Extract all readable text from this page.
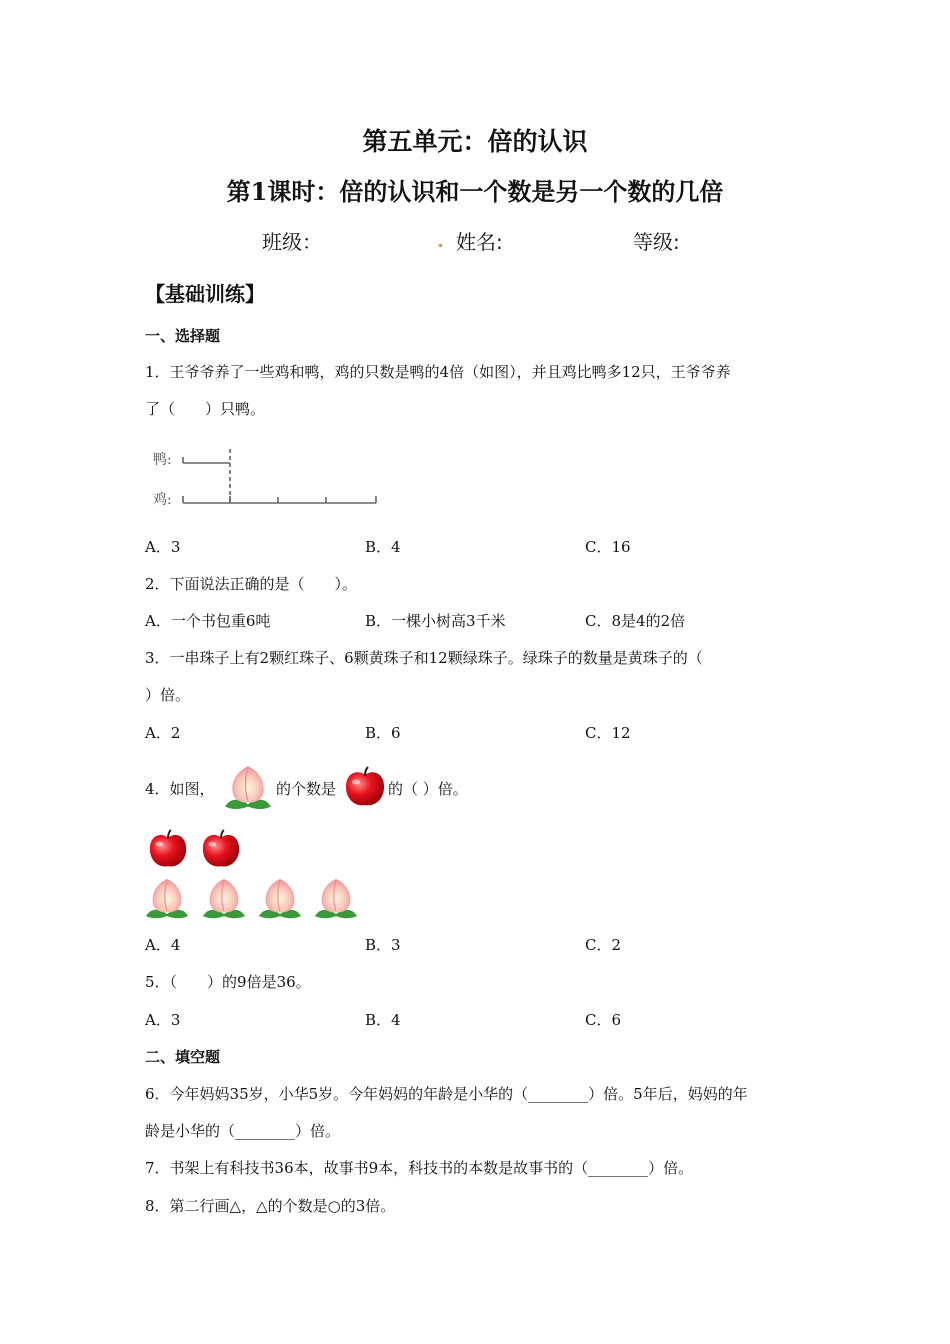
第五单元：倍的认识
第1课时：倍的认识和一个数是另一个数的几倍
班级：	. 姓名:	等级:
【基础训练】
一、选择题
1．王爷爷养了一些鸡和鸭，鸡的只数是鸭的4倍（如图），并且鸡比鸭多12只，王爷爷养
了（　　）只鸭。
鸭:
鸡:
A．3	B．4	C．16
2．下面说法正确的是（　　）。
A．一个书包重6吨	B．一棵小树高3千米	C．8是4的2倍
3．一串珠子上有2颗红珠子、6颗黄珠子和12颗绿珠子。绿珠子的数量是黄珠子的（
）倍。
A．2	B．6	C．12
4．如图，	的个数是	的（ ）倍。
A．4	B．3	C．2
5．（　　）的9倍是36。
A．3	B．4	C．6
二、填空题
6．今年妈妈35岁，小华5岁。今年妈妈的年龄是小华的（________）倍。5年后，妈妈的年
龄是小华的（________）倍。
7．书架上有科技书36本，故事书9本，科技书的本数是故事书的（________）倍。
8．第二行画△，△的个数是○的3倍。
